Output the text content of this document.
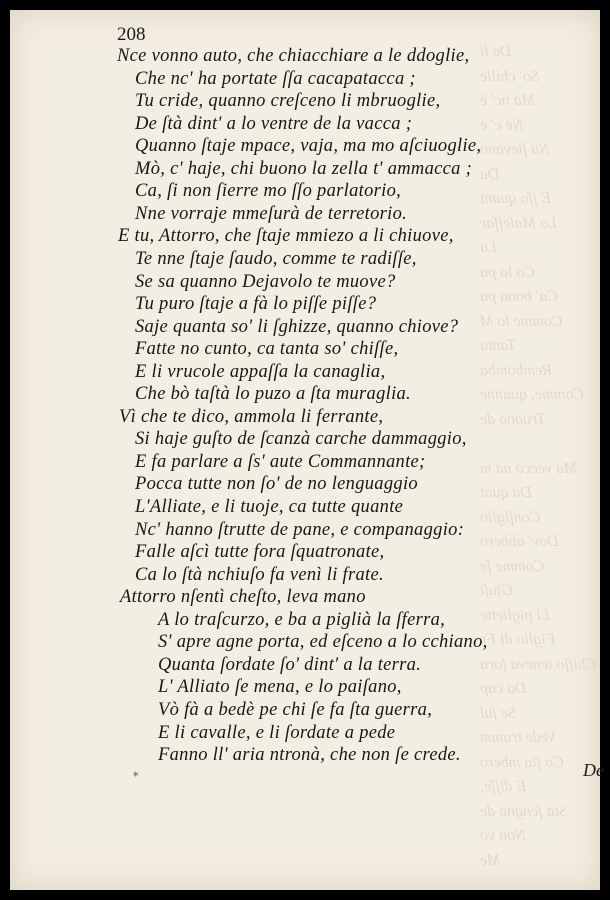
De li
So' chille
Ma nc' è
Nè c' è
Nu ſtevano
Da
E ſſo quant
Lo Maleſſar
La
Co lo pa
Ca' bona pa
Comme lo M
Tanta
Rembomba
Comme, quanne
Truono de

Ma vecco na m
Da quat
Conſiglio
Dov' abbero
Comme ſe
Giuſt
Li pigliette
Figlio di Fr
Chiſſo teneva fora
Da cap
Se ſul
Vede tramm
Co ſia mbero
E diſſe,
Sta ſengna de
Non vo
Me
208
Nce vonno auto, che chiacchiare a le ddoglie,
Che nc' ha portate ſſa cacapatacca ;
Tu cride, quanno creſceno li mbruoglie,
De ſtà dint' a lo ventre de la vacca ;
Quanno ſtaje mpace, vaja, ma mo aſciuoglie,
Mò, c' haje, chi buono la zella t' ammacca ;
Ca, ſi non ſierre mo ſſo parlatorio,
Nne vorraje mmeſurà de terretorio.
E tu, Attorro, che ſtaje mmiezo a li chiuove,
Te nne ſtaje ſaudo, comme te radiſſe,
Se sa quanno Dejavolo te muove?
Tu puro ſtaje a fà lo piſſe piſſe?
Saje quanta so' li ſghizze, quanno chiove?
Fatte no cunto, ca tanta so' chiſſe,
E li vrucole appaſſa la canaglia,
Che bò taſtà lo puzo a ſta muraglia.
Vì che te dico, ammola li ferrante,
Si haje guſto de ſcanzà carche dammaggio,
E fa parlare a ſs' aute Commannante;
Pocca tutte non ſo' de no lenguaggio
L'Alliate, e li tuoje, ca tutte quante
Nc' hanno ſtrutte de pane, e companaggio:
Falle aſcì tutte fora ſquatronate,
Ca lo ſtà nchiuſo fa venì li frate.
Attorro nſentì cheſto, leva mano
A lo traſcurzo, e ba a piglià la ſferra,
S' apre agne porta, ed eſceno a lo cchiano,
Quanta ſordate ſo' dint' a la terra.
L' Alliato ſe mena, e lo paiſano,
Vò fà a bedè pe chi ſe fa ſta guerra,
E li cavalle, e li ſordate a pede
Fanno ll' aria ntronà, che non ſe crede.
*	De
